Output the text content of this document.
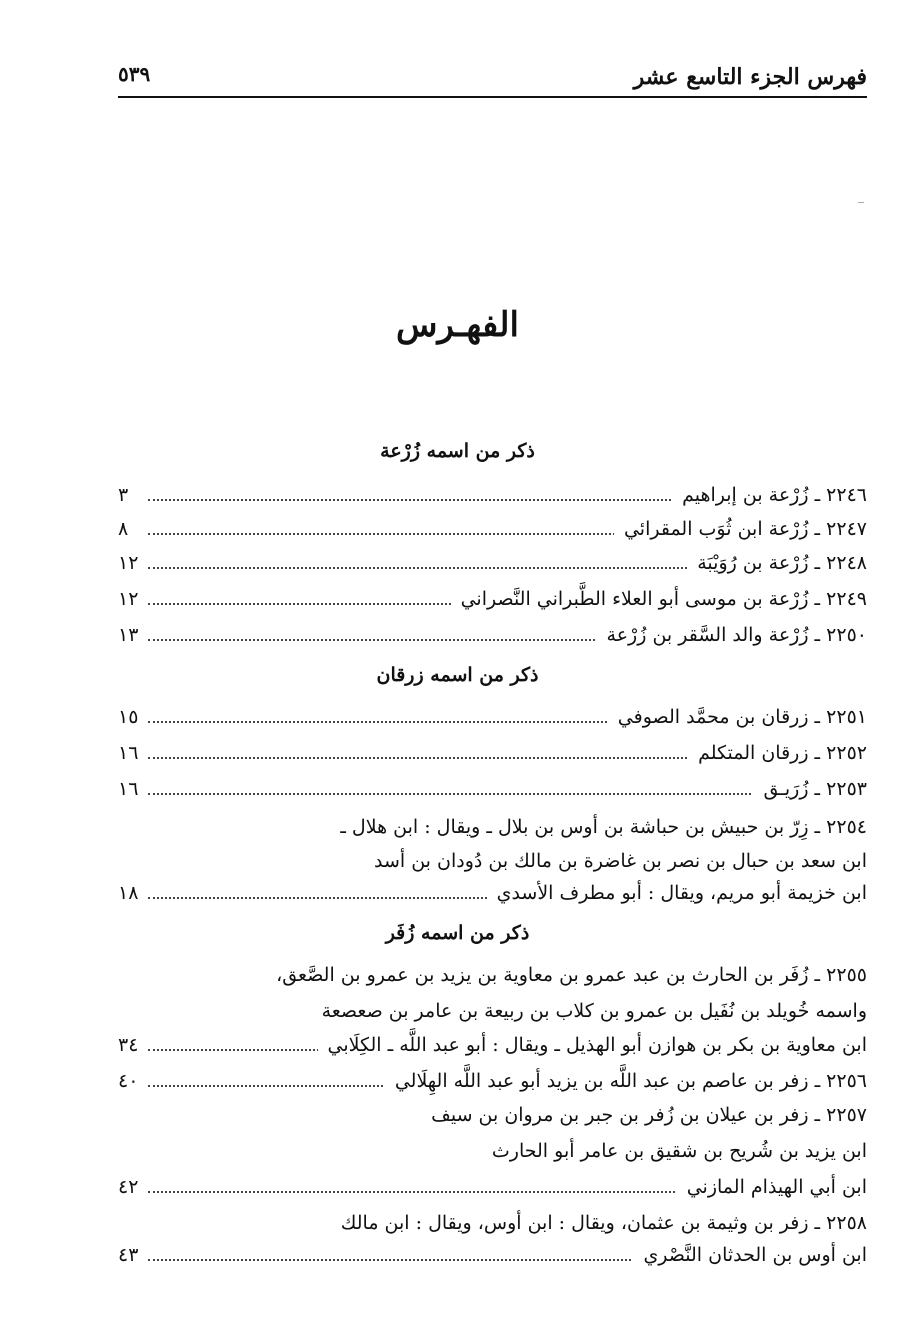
فهرس الجزء التاسع عشر
٥٣٩
الفهـرس
ذكر من اسمه زُرْعة
٢٢٤٦ ـ زُرْعة بن إبراهيم
٣
٢٢٤٧ ـ زُرْعة ابن ثُوَب المقرائي
٨
٢٢٤٨ ـ زُرْعة بن رُوَيْبَة
١٢
٢٢٤٩ ـ زُرْعة بن موسى أبو العلاء الطَّبراني النَّصراني
١٢
٢٢٥٠ ـ زُرْعة والد السَّقر بن زُرْعة
١٣
ذكر من اسمه زرقان
٢٢٥١ ـ زرقان بن محمَّد الصوفي
١٥
٢٢٥٢ ـ زرقان المتكلم
١٦
٢٢٥٣ ـ زُرَيـق
١٦
٢٢٥٤ ـ زِرّ بن حبيش بن حباشة بن أوس بن بلال ـ ويقال : ابن هلال ـ
ابن سعد بن حبال بن نصر بن غاضرة بن مالك بن دُودان بن أسد
ابن خزيمة أبو مريم، ويقال : أبو مطرف الأسدي
١٨
ذكر من اسمه زُفَر
٢٢٥٥ ـ زُفَر بن الحارث بن عبد عمرو بن معاوية بن يزيد بن عمرو بن الصَّعق،
واسمه خُويلد بن نُفَيل بن عمرو بن كلاب بن ربيعة بن عامر بن صعصعة
ابن معاوية بن بكر بن هوازن أبو الهذيل ـ ويقال : أبو عبد اللَّه ـ الكِلَابي
٣٤
٢٢٥٦ ـ زفر بن عاصم بن عبد اللَّه بن يزيد أبو عبد اللَّه الهِلَالي
٤٠
٢٢٥٧ ـ زفر بن عيلان بن زُفر بن جبر بن مروان بن سيف
ابن يزيد بن شُريح بن شقيق بن عامر أبو الحارث
ابن أبي الهيذام المازني
٤٢
٢٢٥٨ ـ زفر بن وثيمة بن عثمان، ويقال : ابن أوس، ويقال : ابن مالك
ابن أوس بن الحدثان النَّصْري
٤٣
